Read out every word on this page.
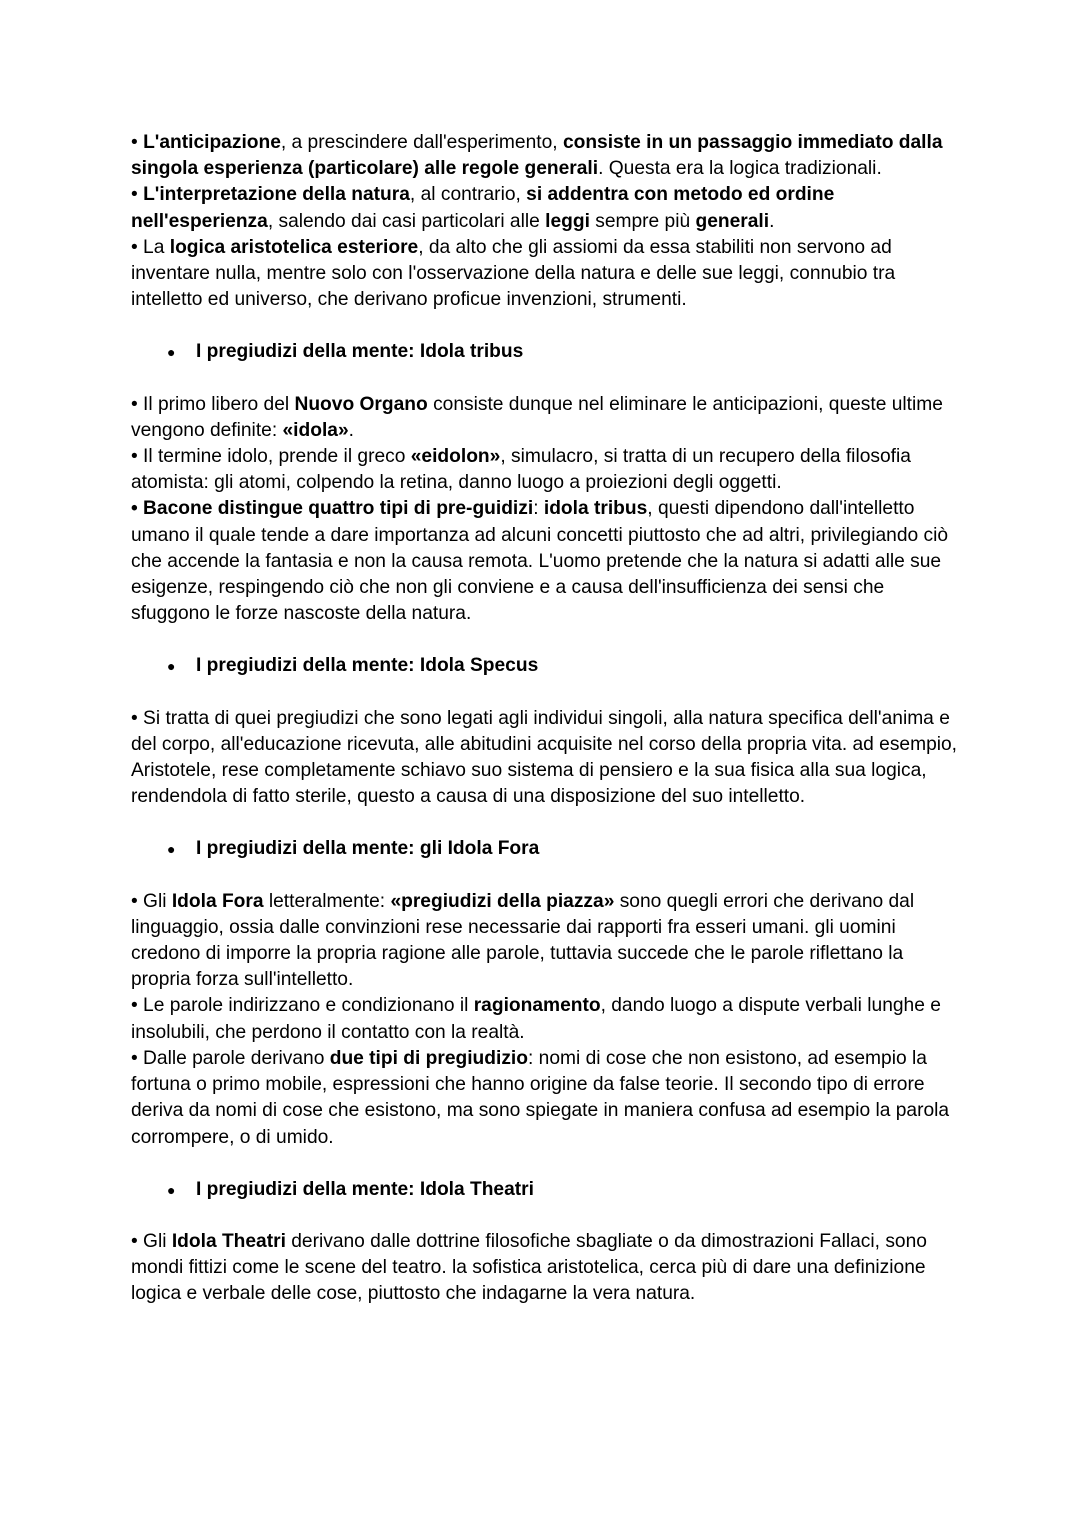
• L'anticipazione, a prescindere dall'esperimento, consiste in un passaggio immediato dalla singola esperienza (particolare) alle regole generali. Questa era la logica tradizionali.

• L'interpretazione della natura, al contrario, si addentra con metodo ed ordine nell'esperienza, salendo dai casi particolari alle leggi sempre più generali.

• La logica aristotelica esteriore, da alto che gli assiomi da essa stabiliti non servono ad inventare nulla, mentre solo con l'osservazione della natura e delle sue leggi, connubio tra intelletto ed universo, che derivano proficue invenzioni, strumenti.

● I pregiudizi della mente: Idola tribus

• Il primo libero del Nuovo Organo consiste dunque nel eliminare le anticipazioni, queste ultime vengono definite: «idola».

• Il termine idolo, prende il greco «eidolon», simulacro, si tratta di un recupero della filosofia atomista: gli atomi, colpendo la retina, danno luogo a proiezioni degli oggetti.

• Bacone distingue quattro tipi di pre-guidizi: idola tribus, questi dipendono dall'intelletto umano il quale tende a dare importanza ad alcuni concetti piuttosto che ad altri, privilegiando ciò che accende la fantasia e non la causa remota. L'uomo pretende che la natura si adatti alle sue esigenze, respingendo ciò che non gli conviene e a causa dell'insufficienza dei sensi che sfuggono le forze nascoste della natura.

● I pregiudizi della mente: Idola Specus

• Si tratta di quei pregiudizi che sono legati agli individui singoli, alla natura specifica dell'anima e del corpo, all'educazione ricevuta, alle abitudini acquisite nel corso della propria vita. ad esempio, Aristotele, rese completamente schiavo suo sistema di pensiero e la sua fisica alla sua logica, rendendola di fatto sterile, questo a causa di una disposizione del suo intelletto.

● I pregiudizi della mente: gli Idola Fora

• Gli Idola Fora letteralmente: «pregiudizi della piazza» sono quegli errori che derivano dal linguaggio, ossia dalle convinzioni rese necessarie dai rapporti fra esseri umani. gli uomini credono di imporre la propria ragione alle parole, tuttavia succede che le parole riflettano la propria forza sull'intelletto.

• Le parole indirizzano e condizionano il ragionamento, dando luogo a dispute verbali lunghe e insolubili, che perdono il contatto con la realtà.

• Dalle parole derivano due tipi di pregiudizio: nomi di cose che non esistono, ad esempio la fortuna o primo mobile, espressioni che hanno origine da false teorie. Il secondo tipo di errore deriva da nomi di cose che esistono, ma sono spiegate in maniera confusa ad esempio la parola corrompere, o di umido.

● I pregiudizi della mente: Idola Theatri

• Gli Idola Theatri derivano dalle dottrine filosofiche sbagliate o da dimostrazioni Fallaci, sono mondi fittizi come le scene del teatro. la sofistica aristotelica, cerca più di dare una definizione logica e verbale delle cose, piuttosto che indagarne la vera natura.
